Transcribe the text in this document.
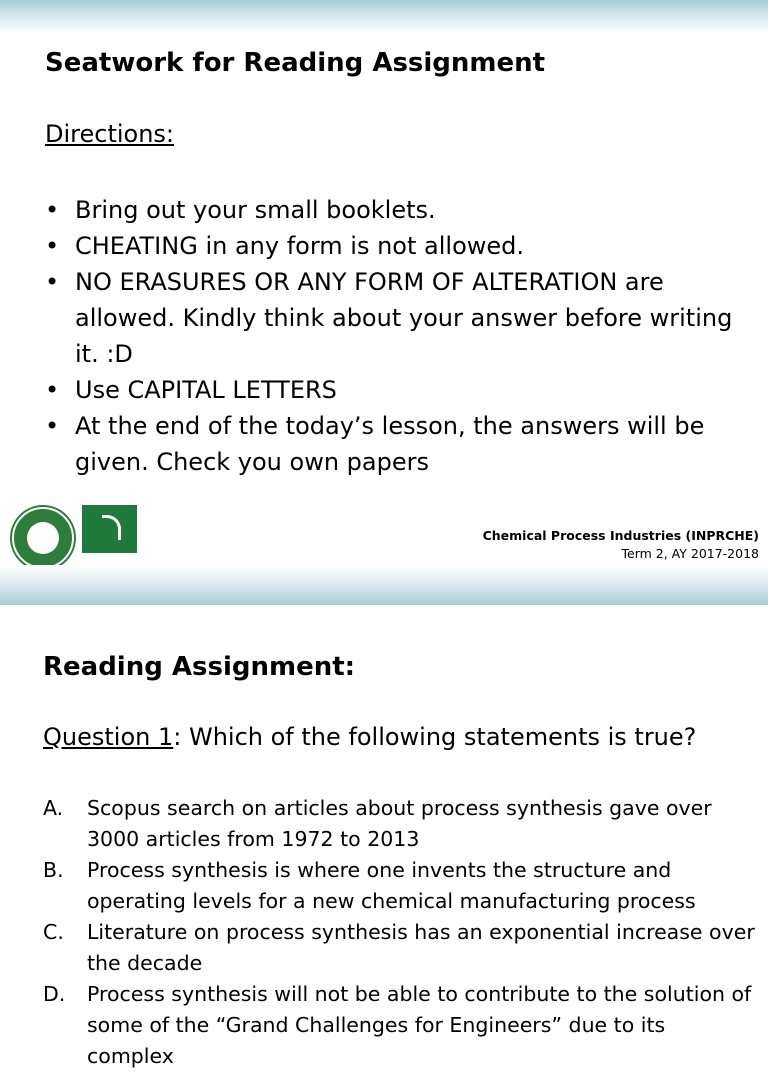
Seatwork for Reading Assignment
Directions:
• Bring out your small booklets.
• CHEATING in any form is not allowed.
• NO ERASURES OR ANY FORM OF ALTERATION are allowed. Kindly think about your answer before writing it. :D
• Use CAPITAL LETTERS
• At the end of the today’s lesson, the answers will be given. Check you own papers
Chemical Process Industries (INPRCHE)
Term 2, AY 2017-2018
Reading Assignment:
Question 1: Which of the following statements is true?
A. Scopus search on articles about process synthesis gave over 3000 articles from 1972 to 2013
B. Process synthesis is where one invents the structure and operating levels for a new chemical manufacturing process
C. Literature on process synthesis has an exponential increase over the decade
D. Process synthesis will not be able to contribute to the solution of some of the “Grand Challenges for Engineers” due to its complex
